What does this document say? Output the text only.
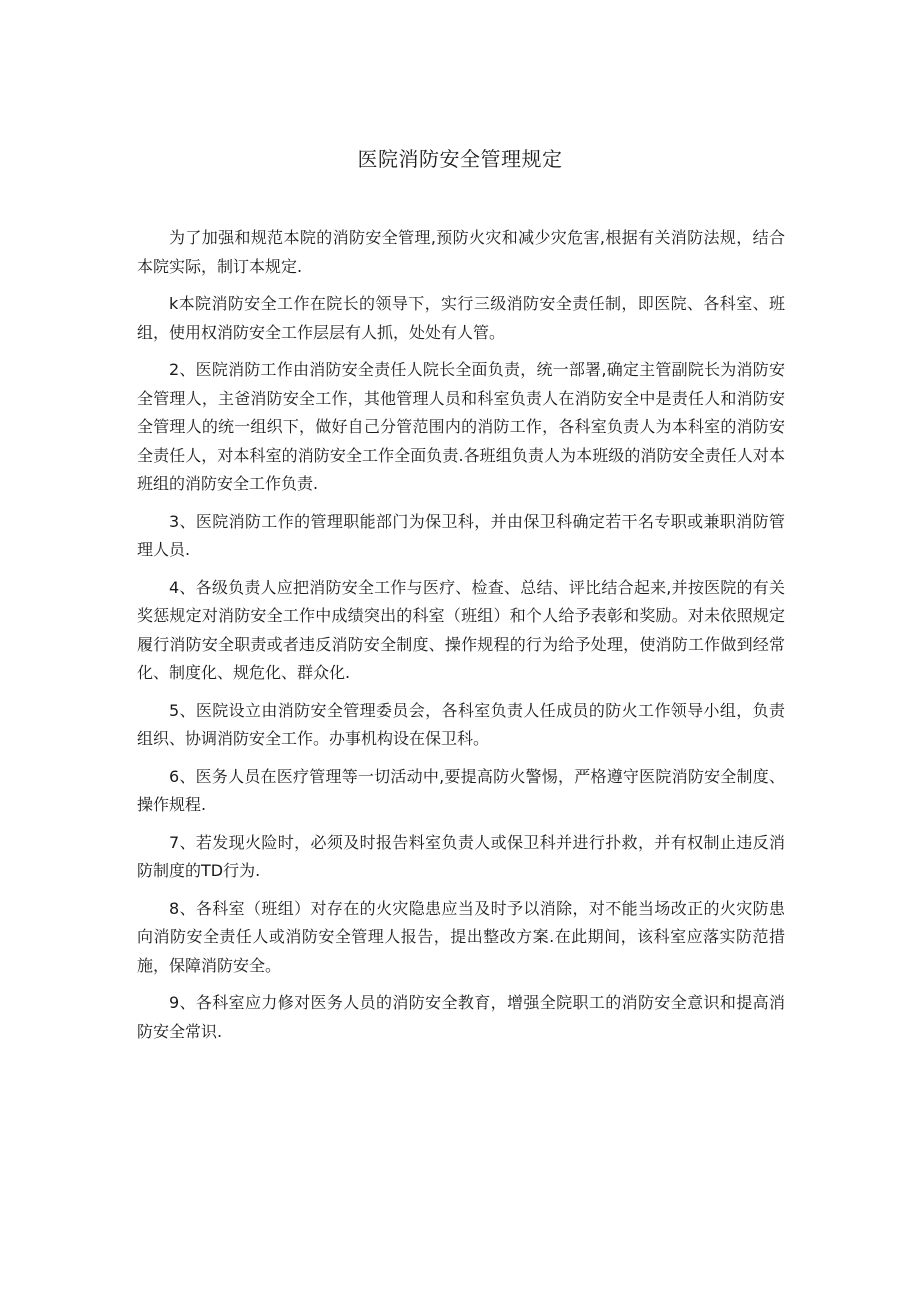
医院消防安全管理规定

为了加强和规范本院的消防安全管理,预防火灾和减少灾危害,根据有关消防法规，结合本院实际，制订本规定.

k本院消防安全工作在院长的领导下，实行三级消防安全责任制，即医院、各科室、班组，使用权消防安全工作层层有人抓，处处有人管。

2、医院消防工作由消防安全责任人院长全面负责，统一部署,确定主管副院长为消防安全管理人，主爸消防安全工作，其他管理人员和科室负责人在消防安全中是责任人和消防安全管理人的统一组织下，做好自己分管范围内的消防工作，各科室负责人为本科室的消防安全责任人，对本科室的消防安全工作全面负责.各班组负责人为本班级的消防安全责任人对本班组的消防安全工作负责.

3、医院消防工作的管理职能部门为保卫科，并由保卫科确定若干名专职或兼职消防管理人员.

4、各级负责人应把消防安全工作与医疗、检查、总结、评比结合起来,并按医院的有关奖惩规定对消防安全工作中成绩突出的科室（班组）和个人给予表彰和奖励。对未依照规定履行消防安全职责或者违反消防安全制度、操作规程的行为给予处理，使消防工作做到经常化、制度化、规危化、群众化.

5、医院设立由消防安全管理委员会，各科室负责人任成员的防火工作领导小组，负责组织、协调消防安全工作。办事机构设在保卫科。

6、医务人员在医疗管理等一切活动中,要提高防火警惕，严格遵守医院消防安全制度、操作规程.

7、若发现火险时，必须及时报告料室负责人或保卫科并进行扑救，并有权制止违反消防制度的TD行为.

8、各科室（班组）对存在的火灾隐患应当及时予以消除，对不能当场改正的火灾防患向消防安全责任人或消防安全管理人报告，提出整改方案.在此期间，该科室应落实防范措施，保障消防安全。

9、各科室应力修对医务人员的消防安全教育，增强全院职工的消防安全意识和提高消防安全常识.
